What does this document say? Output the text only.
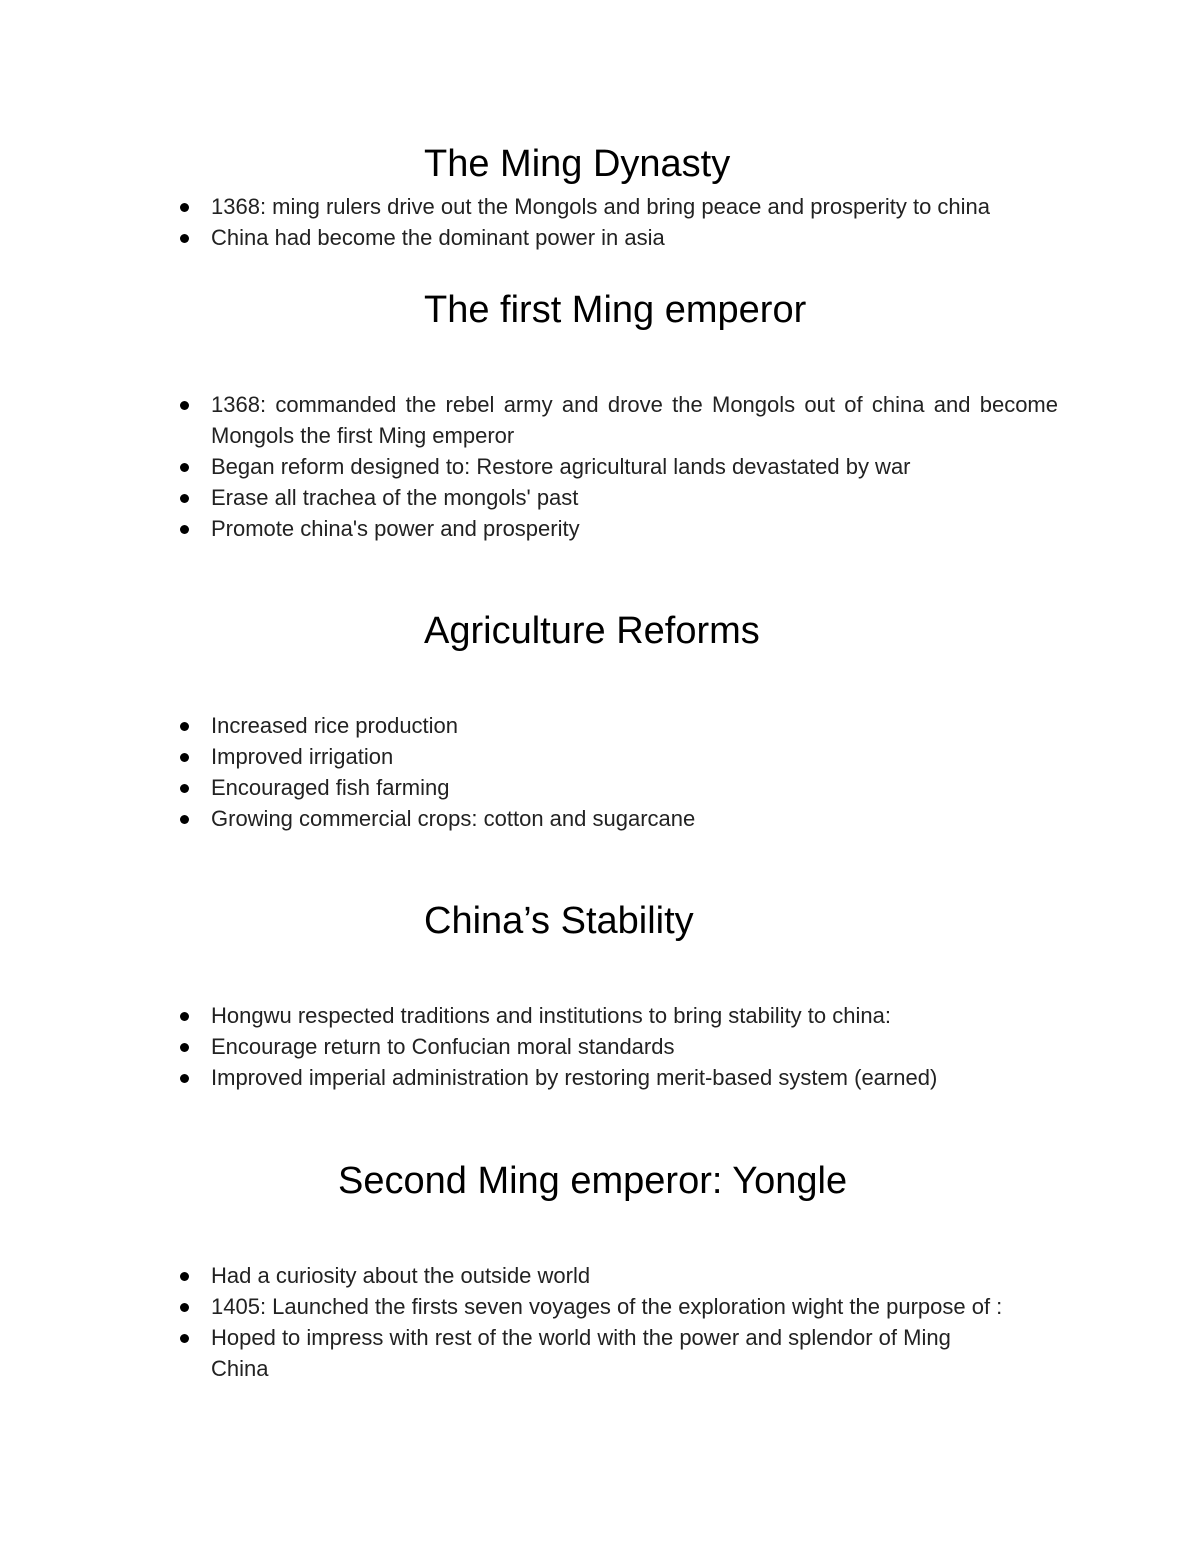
The Ming Dynasty
1368: ming rulers drive out the Mongols and bring peace and prosperity to china
China had become the dominant power in asia
The first Ming emperor
1368: commanded the rebel army and drove the Mongols out of china and become Mongols the first Ming emperor
Began reform designed to: Restore agricultural lands devastated by war
Erase all trachea of the mongols' past
Promote china's power and prosperity
Agriculture Reforms
Increased rice production
Improved irrigation
Encouraged fish farming
Growing commercial crops: cotton and sugarcane
China’s Stability
Hongwu respected traditions and institutions to bring stability to china:
Encourage return to Confucian moral standards
Improved imperial administration by restoring merit-based system (earned)
Second Ming emperor: Yongle
Had a curiosity about the outside world
1405: Launched the firsts seven voyages of the exploration wight the purpose of :
Hoped to impress with rest of the world with the power and splendor of Ming China
